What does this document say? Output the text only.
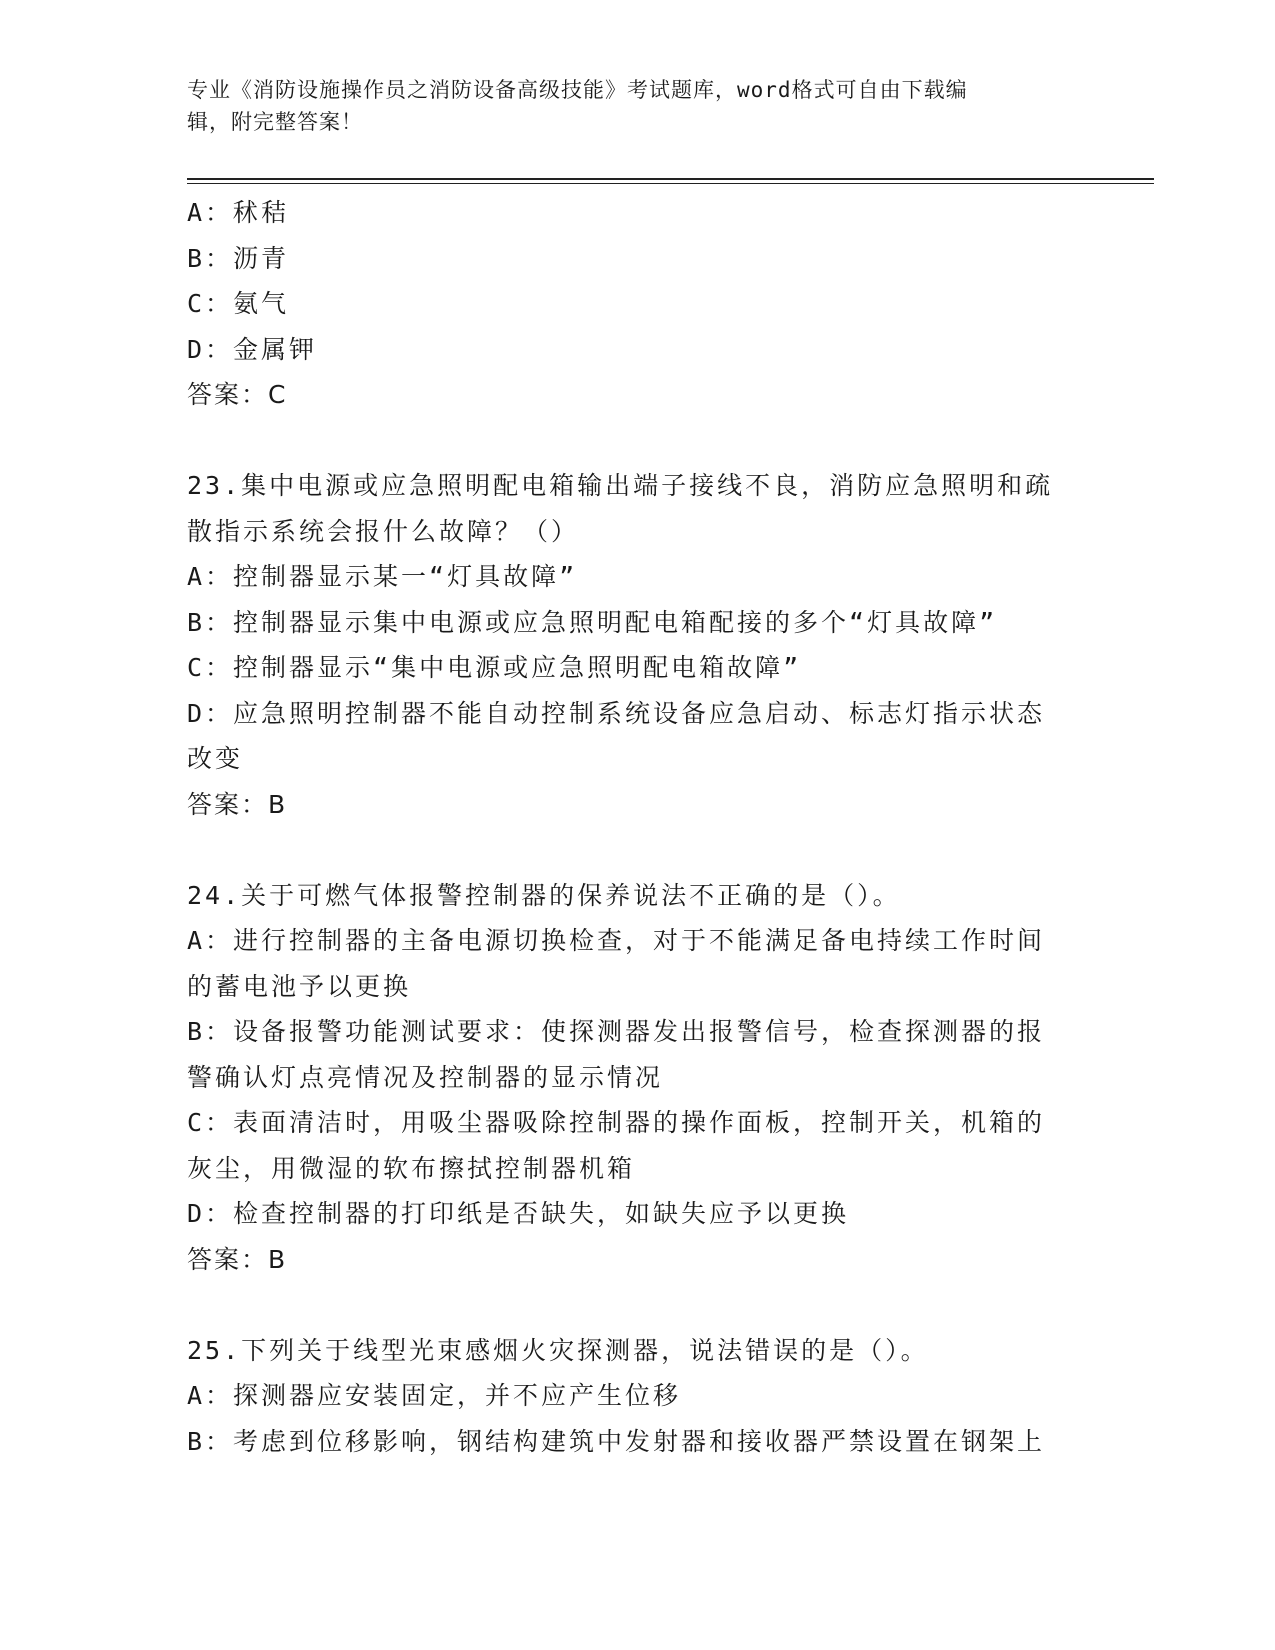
专业《消防设施操作员之消防设备高级技能》考试题库，word格式可自由下载编
辑，附完整答案！

A：秫秸

B：沥青

C：氨气

D：金属钾

答案：C

23.集中电源或应急照明配电箱输出端子接线不良，消防应急照明和疏散指示系统会报什么故障？（）

A：控制器显示某一“灯具故障”

B：控制器显示集中电源或应急照明配电箱配接的多个“灯具故障”

C：控制器显示“集中电源或应急照明配电箱故障”

D：应急照明控制器不能自动控制系统设备应急启动、标志灯指示状态改变

答案：B

24.关于可燃气体报警控制器的保养说法不正确的是（）。

A：进行控制器的主备电源切换检查，对于不能满足备电持续工作时间的蓄电池予以更换

B：设备报警功能测试要求：使探测器发出报警信号，检查探测器的报警确认灯点亮情况及控制器的显示情况

C：表面清洁时，用吸尘器吸除控制器的操作面板，控制开关，机箱的灰尘，用微湿的软布擦拭控制器机箱

D：检查控制器的打印纸是否缺失，如缺失应予以更换

答案：B

25.下列关于线型光束感烟火灾探测器，说法错误的是（）。

A：探测器应安装固定，并不应产生位移

B：考虑到位移影响，钢结构建筑中发射器和接收器严禁设置在钢架上
